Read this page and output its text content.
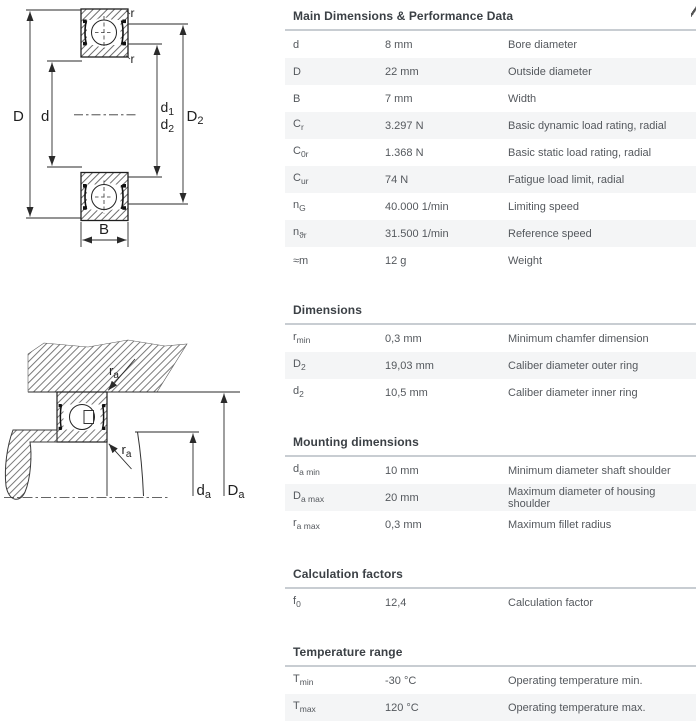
D d
$d_1$
$d_2$
$D_2$
r
r
B
$r_a$
$r_a$
$d_a$ $D_a$
Main Dimensions & Performance Data
d	8 mm	Bore diameter
D	22 mm	Outside diameter
B	7 mm	Width
$C_r$	3.297 N	Basic dynamic load rating, radial
$C_{0r}$	1.368 N	Basic static load rating, radial
$C_{ur}$	74 N	Fatigue load limit, radial
$n_G$	40.000 1/min	Limiting speed
$n_{ϑr}$	31.500 1/min	Reference speed
≈m	12 g	Weight
Dimensions
$r_{min}$	0,3 mm	Minimum chamfer dimension
$D_2$	19,03 mm	Caliber diameter outer ring
$d_2$	10,5 mm	Caliber diameter inner ring
Mounting dimensions
$d_{a min}$	10 mm	Minimum diameter shaft shoulder
$D_{a max}$	20 mm	Maximum diameter of housing shoulder
$r_{a max}$	0,3 mm	Maximum fillet radius
Calculation factors
$f_0$	12,4	Calculation factor
Temperature range
$T_{min}$	-30 °C	Operating temperature min.
$T_{max}$	120 °C	Operating temperature max.
